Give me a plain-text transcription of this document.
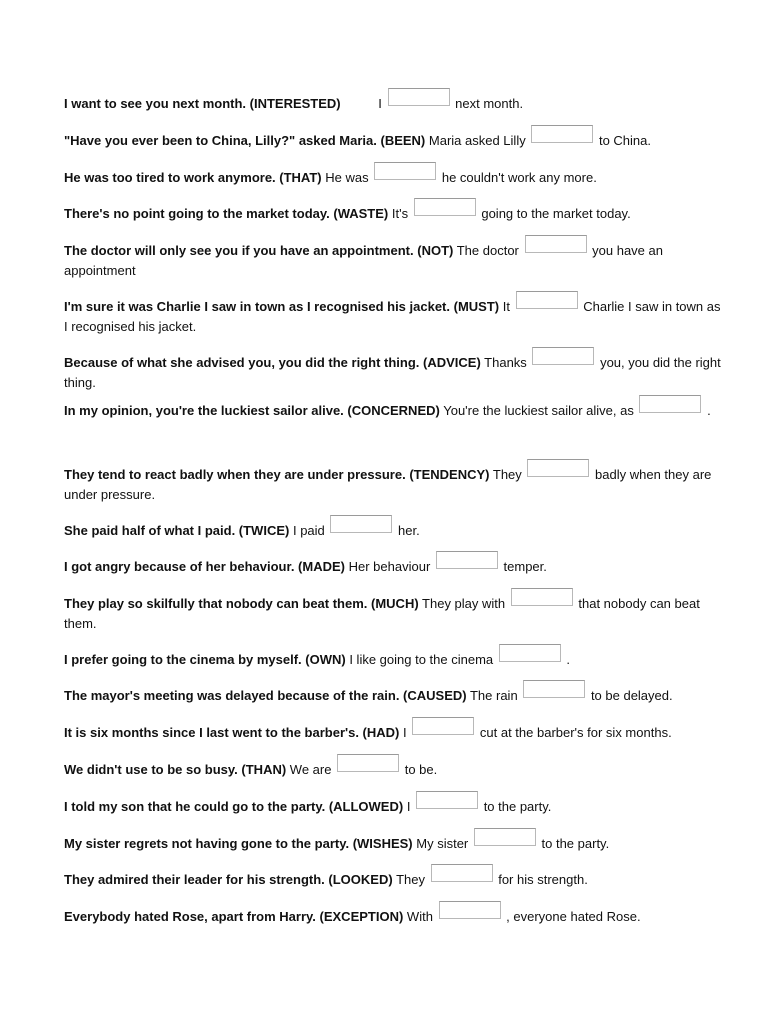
I want to see you next month. (INTERESTED)	I	next month.
"Have you ever been to China, Lilly?" asked Maria. (BEEN) Maria asked Lilly	to China.
He was too tired to work anymore. (THAT) He was	he couldn't work any more.
There's no point going to the market today. (WASTE) It's	going to the market today.
The doctor will only see you if you have an appointment. (NOT) The doctor	you have an appointment
I'm sure it was Charlie I saw in town as I recognised his jacket. (MUST) It	Charlie I saw in town as I recognised his jacket.
Because of what she advised you, you did the right thing. (ADVICE) Thanks	you, you did the right thing.
In my opinion, you're the luckiest sailor alive. (CONCERNED) You're the luckiest sailor alive, as	.
They tend to react badly when they are under pressure. (TENDENCY) They	badly when they are under pressure.
She paid half of what I paid. (TWICE) I paid	her.
I got angry because of her behaviour. (MADE) Her behaviour	temper.
They play so skilfully that nobody can beat them. (MUCH) They play with	that nobody can beat them.
I prefer going to the cinema by myself. (OWN) I like going to the cinema	.
The mayor's meeting was delayed because of the rain. (CAUSED) The rain	to be delayed.
It is six months since I last went to the barber's. (HAD) I	cut at the barber's for six months.
We didn't use to be so busy. (THAN) We are	to be.
I told my son that he could go to the party. (ALLOWED) I	to the party.
My sister regrets not having gone to the party. (WISHES) My sister	to the party.
They admired their leader for his strength. (LOOKED) They	for his strength.
Everybody hated Rose, apart from Harry. (EXCEPTION) With	, everyone hated Rose.
